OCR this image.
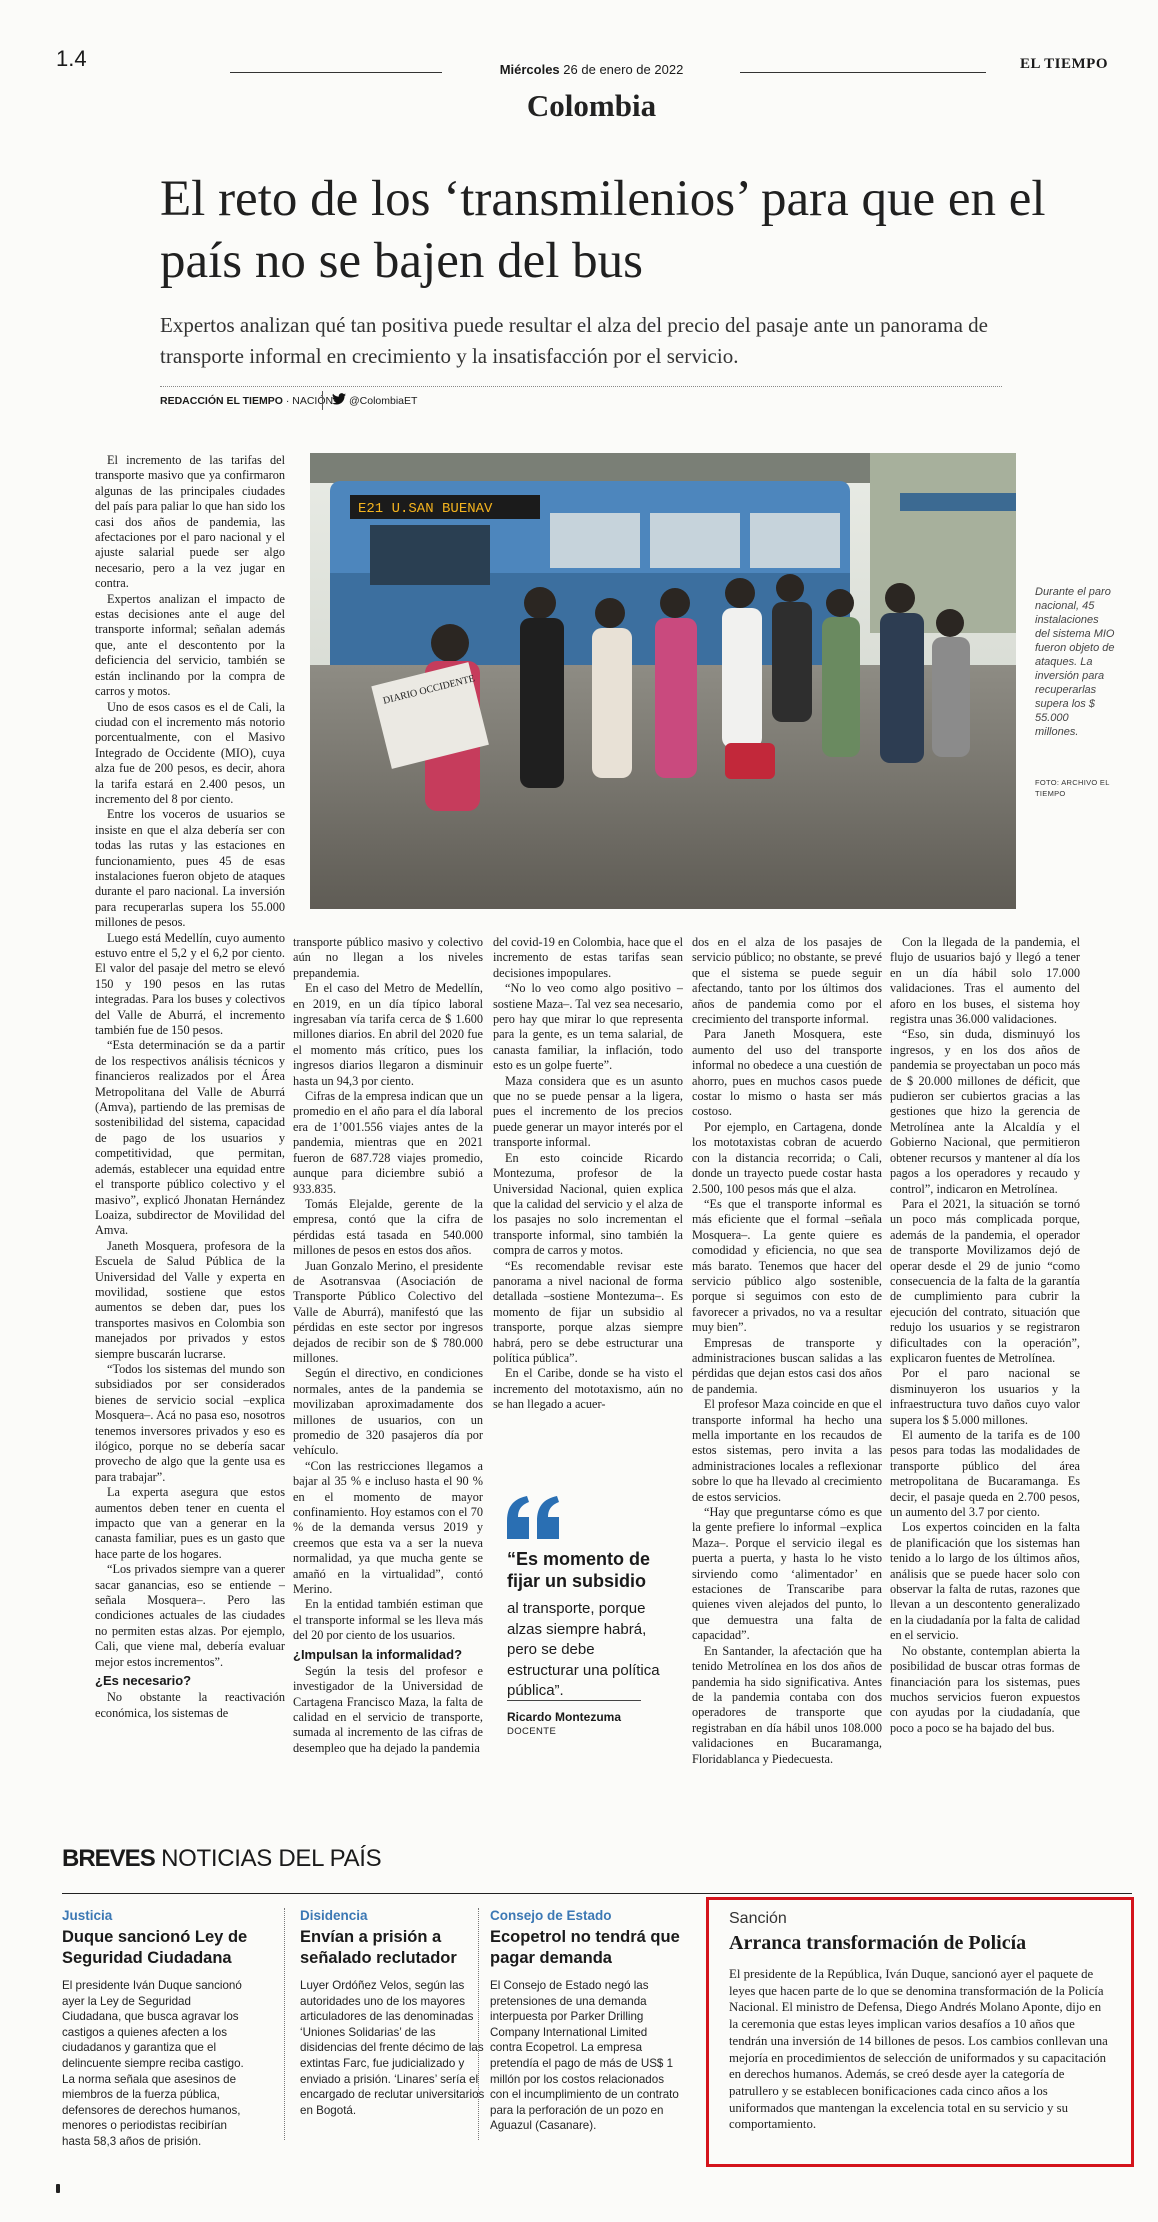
1.4	Miércoles 26 de enero de 2022	EL TIEMPO
Colombia
El reto de los ‘transmilenios’ para que en el país no se bajen del bus

Expertos analizan qué tan positiva puede resultar el alza del precio del pasaje ante un panorama de transporte informal en crecimiento y la insatisfacción por el servicio.

REDACCIÓN EL TIEMPO · NACIÓN @ColombiaET
E21 U.SAN BUENAV
DIARIO OCCIDENTE
Durante el paro nacional, 45 instalaciones del sistema MIO fueron objeto de ataques. La inversión para recuperarlas supera los $ 55.000 millones.
FOTO: ARCHIVO EL TIEMPO

El incremento de las tarifas del transporte masivo que ya confirmaron algunas de las principales ciudades del país para paliar lo que han sido los casi dos años de pandemia, las afectaciones por el paro nacional y el ajuste salarial puede ser algo necesario, pero a la vez jugar en contra.

Expertos analizan el impacto de estas decisiones ante el auge del transporte informal; señalan además que, ante el descontento por la deficiencia del servicio, también se están inclinando por la compra de carros y motos.

Uno de esos casos es el de Cali, la ciudad con el incremento más notorio porcentualmente, con el Masivo Integrado de Occidente (MIO), cuya alza fue de 200 pesos, es decir, ahora la tarifa estará en 2.400 pesos, un incremento del 8 por ciento.

Entre los voceros de usuarios se insiste en que el alza debería ser con todas las rutas y las estaciones en funcionamiento, pues 45 de esas instalaciones fueron objeto de ataques durante el paro nacional. La inversión para recuperarlas supera los 55.000 millones de pesos.

Luego está Medellín, cuyo aumento estuvo entre el 5,2 y el 6,2 por ciento. El valor del pasaje del metro se elevó 150 y 190 pesos en las rutas integradas. Para los buses y colectivos del Valle de Aburrá, el incremento también fue de 150 pesos.

“Esta determinación se da a partir de los respectivos análisis técnicos y financieros realizados por el Área Metropolitana del Valle de Aburrá (Amva), partiendo de las premisas de sostenibilidad del sistema, capacidad de pago de los usuarios y competitividad, que permitan, además, establecer una equidad entre el transporte público colectivo y el masivo”, explicó Jhonatan Hernández Loaiza, subdirector de Movilidad del Amva.

Janeth Mosquera, profesora de la Escuela de Salud Pública de la Universidad del Valle y experta en movilidad, sostiene que estos aumentos se deben dar, pues los transportes masivos en Colombia son manejados por privados y estos siempre buscarán lucrarse.

“Todos los sistemas del mundo son subsidiados por ser considerados bienes de servicio social –explica Mosquera–. Acá no pasa eso, nosotros tenemos inversores privados y eso es ilógico, porque no se debería sacar provecho de algo que la gente usa es para trabajar”.

La experta asegura que estos aumentos deben tener en cuenta el impacto que van a generar en la canasta familiar, pues es un gasto que hace parte de los hogares.

“Los privados siempre van a querer sacar ganancias, eso se entiende –señala Mosquera–. Pero las condiciones actuales de las ciudades no permiten estas alzas. Por ejemplo, Cali, que viene mal, debería evaluar mejor estos incrementos”.

¿Es necesario?

No obstante la reactivación económica, los sistemas de

transporte público masivo y colectivo aún no llegan a los niveles prepandemia.

En el caso del Metro de Medellín, en 2019, en un día típico laboral ingresaban vía tarifa cerca de $ 1.600 millones diarios. En abril del 2020 fue el momento más crítico, pues los ingresos diarios llegaron a disminuir hasta un 94,3 por ciento.

Cifras de la empresa indican que un promedio en el año para el día laboral era de 1’001.556 viajes antes de la pandemia, mientras que en 2021 fueron de 687.728 viajes promedio, aunque para diciembre subió a 933.835.

Tomás Elejalde, gerente de la empresa, contó que la cifra de pérdidas está tasada en 540.000 millones de pesos en estos dos años.

Juan Gonzalo Merino, el presidente de Asotransvaa (Asociación de Transporte Público Colectivo del Valle de Aburrá), manifestó que las pérdidas en este sector por ingresos dejados de recibir son de $ 780.000 millones.

Según el directivo, en condiciones normales, antes de la pandemia se movilizaban aproximadamente dos millones de usuarios, con un promedio de 320 pasajeros día por vehículo.

“Con las restricciones llegamos a bajar al 35 % e incluso hasta el 90 % en el momento de mayor confinamiento. Hoy estamos con el 70 % de la demanda versus 2019 y creemos que esta va a ser la nueva normalidad, ya que mucha gente se amañó en la virtualidad”, contó Merino.

En la entidad también estiman que el transporte informal se les lleva más del 20 por ciento de los usuarios.

¿Impulsan la informalidad?

Según la tesis del profesor e investigador de la Universidad de Cartagena Francisco Maza, la falta de calidad en el servicio de transporte, sumada al incremento de las cifras de desempleo que ha dejado la pandemia

del covid-19 en Colombia, hace que el incremento de estas tarifas sean decisiones impopulares.

“No lo veo como algo positivo –sostiene Maza–. Tal vez sea necesario, pero hay que mirar lo que representa para la gente, es un tema salarial, de canasta familiar, la inflación, todo esto es un golpe fuerte”.

Maza considera que es un asunto que no se puede pensar a la ligera, pues el incremento de los precios puede generar un mayor interés por el transporte informal.

En esto coincide Ricardo Montezuma, profesor de la Universidad Nacional, quien explica que la calidad del servicio y el alza de los pasajes no solo incrementan el transporte informal, sino también la compra de carros y motos.

“Es recomendable revisar este panorama a nivel nacional de forma detallada –sostiene Montezuma–. Es momento de fijar un subsidio al transporte, porque alzas siempre habrá, pero se debe estructurar una política pública”.

En el Caribe, donde se ha visto el incremento del mototaxismo, aún no se han llegado a acuer-

“Es momento de fijar un subsidio
al transporte, porque alzas siempre habrá, pero se debe estructurar una política pública”.
Ricardo Montezuma
DOCENTE

dos en el alza de los pasajes de servicio público; no obstante, se prevé que el sistema se puede seguir afectando, tanto por los últimos dos años de pandemia como por el crecimiento del transporte informal.

Para Janeth Mosquera, este aumento del uso del transporte informal no obedece a una cuestión de ahorro, pues en muchos casos puede costar lo mismo o hasta ser más costoso.

Por ejemplo, en Cartagena, donde los mototaxistas cobran de acuerdo con la distancia recorrida; o Cali, donde un trayecto puede costar hasta 2.500, 100 pesos más que el alza.

“Es que el transporte informal es más eficiente que el formal –señala Mosquera–. La gente quiere es comodidad y eficiencia, no que sea más barato. Tenemos que hacer del servicio público algo sostenible, porque si seguimos con esto de favorecer a privados, no va a resultar muy bien”.

Empresas de transporte y administraciones buscan salidas a las pérdidas que dejan estos casi dos años de pandemia.

El profesor Maza coincide en que el transporte informal ha hecho una mella importante en los recaudos de estos sistemas, pero invita a las administraciones locales a reflexionar sobre lo que ha llevado al crecimiento de estos servicios.

“Hay que preguntarse cómo es que la gente prefiere lo informal –explica Maza–. Porque el servicio ilegal es puerta a puerta, y hasta lo he visto sirviendo como ‘alimentador’ en estaciones de Transcaribe para quienes viven alejados del punto, lo que demuestra una falta de capacidad”.

En Santander, la afectación que ha tenido Metrolínea en los dos años de pandemia ha sido significativa. Antes de la pandemia contaba con dos operadores de transporte que registraban en día hábil unos 108.000 validaciones en Bucaramanga, Floridablanca y Piedecuesta.

Con la llegada de la pandemia, el flujo de usuarios bajó y llegó a tener en un día hábil solo 17.000 validaciones. Tras el aumento del aforo en los buses, el sistema hoy registra unas 36.000 validaciones.

“Eso, sin duda, disminuyó los ingresos, y en los dos años de pandemia se proyectaban un poco más de $ 20.000 millones de déficit, que pudieron ser cubiertos gracias a las gestiones que hizo la gerencia de Metrolínea ante la Alcaldía y el Gobierno Nacional, que permitieron obtener recursos y mantener al día los pagos a los operadores y recaudo y control”, indicaron en Metrolínea.

Para el 2021, la situación se tornó un poco más complicada porque, además de la pandemia, el operador de transporte Movilizamos dejó de operar desde el 29 de junio “como consecuencia de la falta de la garantía de cumplimiento para cubrir la ejecución del contrato, situación que redujo los usuarios y se registraron dificultades con la operación”, explicaron fuentes de Metrolínea.

Por el paro nacional se disminuyeron los usuarios y la infraestructura tuvo daños cuyo valor supera los $ 5.000 millones.

El aumento de la tarifa es de 100 pesos para todas las modalidades de transporte público del área metropolitana de Bucaramanga. Es decir, el pasaje queda en 2.700 pesos, un aumento del 3.7 por ciento.

Los expertos coinciden en la falta de planificación que los sistemas han tenido a lo largo de los últimos años, análisis que se puede hacer solo con observar la falta de rutas, razones que llevan a un descontento generalizado en la ciudadanía por la falta de calidad en el servicio.

No obstante, contemplan abierta la posibilidad de buscar otras formas de financiación para los sistemas, pues muchos servicios fueron expuestos con ayudas por la ciudadanía, que poco a poco se ha bajado del bus.

BREVES NOTICIAS DEL PAÍS
Justicia
Duque sancionó Ley de Seguridad Ciudadana
El presidente Iván Duque sancionó ayer la Ley de Seguridad Ciudadana, que busca agravar los castigos a quienes afecten a los ciudadanos y garantiza que el delincuente siempre reciba castigo. La norma señala que asesinos de miembros de la fuerza pública, defensores de derechos humanos, menores o periodistas recibirían hasta 58,3 años de prisión.
Disidencia
Envían a prisión a señalado reclutador
Luyer Ordóñez Velos, según las autoridades uno de los mayores articuladores de las denominadas ‘Uniones Solidarias’ de las disidencias del frente décimo de las extintas Farc, fue judicializado y enviado a prisión. ‘Linares’ sería el encargado de reclutar universitarios en Bogotá.
Consejo de Estado
Ecopetrol no tendrá que pagar demanda
El Consejo de Estado negó las pretensiones de una demanda interpuesta por Parker Drilling Company International Limited contra Ecopetrol. La empresa pretendía el pago de más de US$ 1 millón por los costos relacionados con el incumplimiento de un contrato para la perforación de un pozo en Aguazul (Casanare).
Sanción
Arranca transformación de Policía
El presidente de la República, Iván Duque, sancionó ayer el paquete de leyes que hacen parte de lo que se denomina transformación de la Policía Nacional. El ministro de Defensa, Diego Andrés Molano Aponte, dijo en la ceremonia que estas leyes implican varios desafíos a 10 años que tendrán una inversión de 14 billones de pesos. Los cambios conllevan una mejoría en procedimientos de selección de uniformados y su capacitación en derechos humanos. Además, se creó desde ayer la categoría de patrullero y se establecen bonificaciones cada cinco años a los uniformados que mantengan la excelencia total en su servicio y su comportamiento.
